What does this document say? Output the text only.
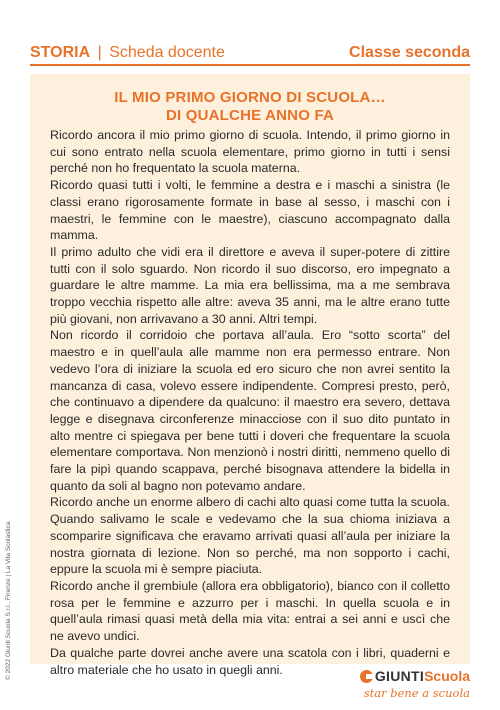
STORIA | Scheda docente	Classe seconda
IL MIO PRIMO GIORNO DI SCUOLA…
DI QUALCHE ANNO FA

Ricordo ancora il mio primo giorno di scuola. Intendo, il primo giorno in cui sono entrato nella scuola elementare, primo giorno in tutti i sensi perché non ho frequentato la scuola materna.

Ricordo quasi tutti i volti, le femmine a destra e i maschi a sinistra (le classi erano rigorosamente formate in base al sesso, i maschi con i maestri, le femmine con le maestre), ciascuno accompagnato dalla mamma.

Il primo adulto che vidi era il direttore e aveva il super-potere di zittire tutti con il solo sguardo. Non ricordo il suo discorso, ero impegnato a guardare le altre mamme. La mia era bellissima, ma a me sembrava troppo vecchia rispetto alle altre: aveva 35 anni, ma le altre erano tutte più giovani, non arrivavano a 30 anni. Altri tempi.

Non ricordo il corridoio che portava all’aula. Ero “sotto scorta” del maestro e in quell’aula alle mamme non era permesso entrare. Non vedevo l’ora di iniziare la scuola ed ero sicuro che non avrei sentito la mancanza di casa, volevo essere indipendente. Compresi presto, però, che continuavo a dipendere da qualcuno: il maestro era severo, dettava legge e disegnava circonferenze minacciose con il suo dito puntato in alto mentre ci spiegava per bene tutti i doveri che frequentare la scuola elementare comportava. Non menzionò i nostri diritti, nemmeno quello di fare la pipì quando scappava, perché bisognava attendere la bidella in quanto da soli al bagno non potevamo andare.

Ricordo anche un enorme albero di cachi alto quasi come tutta la scuola. Quando salivamo le scale e vedevamo che la sua chioma iniziava a scomparire significava che eravamo arrivati quasi all’aula per iniziare la nostra giornata di lezione. Non so perché, ma non sopporto i cachi, eppure la scuola mi è sempre piaciuta.

Ricordo anche il grembiule (allora era obbligatorio), bianco con il colletto rosa per le femmine e azzurro per i maschi. In quella scuola e in quell’aula rimasi quasi metà della mia vita: entrai a sei anni e uscì che ne avevo undici.

Da qualche parte dovrei anche avere una scatola con i libri, quaderni e altro materiale che ho usato in quegli anni.

© 2022 Giunti Scuola S.r.l., Firenze | La Vita Scolastica	GIUNTIScuola
star bene a scuola
